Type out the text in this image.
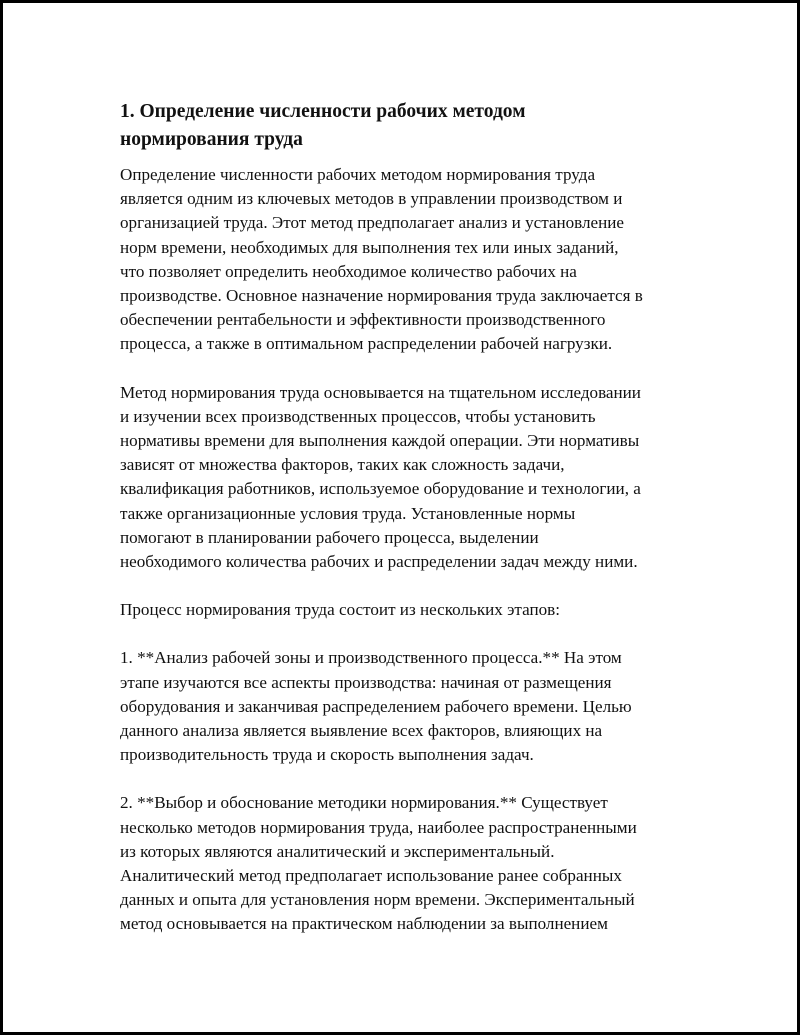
1. Определение численности рабочих методом
нормирования труда
Определение численности рабочих методом нормирования труда
является одним из ключевых методов в управлении производством и
организацией труда. Этот метод предполагает анализ и установление
норм времени, необходимых для выполнения тех или иных заданий,
что позволяет определить необходимое количество рабочих на
производстве. Основное назначение нормирования труда заключается в
обеспечении рентабельности и эффективности производственного
процесса, а также в оптимальном распределении рабочей нагрузки.
Метод нормирования труда основывается на тщательном исследовании
и изучении всех производственных процессов, чтобы установить
нормативы времени для выполнения каждой операции. Эти нормативы
зависят от множества факторов, таких как сложность задачи,
квалификация работников, используемое оборудование и технологии, а
также организационные условия труда. Установленные нормы
помогают в планировании рабочего процесса, выделении
необходимого количества рабочих и распределении задач между ними.
Процесс нормирования труда состоит из нескольких этапов:
1. **Анализ рабочей зоны и производственного процесса.** На этом
этапе изучаются все аспекты производства: начиная от размещения
оборудования и заканчивая распределением рабочего времени. Целью
данного анализа является выявление всех факторов, влияющих на
производительность труда и скорость выполнения задач.
2. **Выбор и обоснование методики нормирования.** Существует
несколько методов нормирования труда, наиболее распространенными
из которых являются аналитический и экспериментальный.
Аналитический метод предполагает использование ранее собранных
данных и опыта для установления норм времени. Экспериментальный
метод основывается на практическом наблюдении за выполнением
